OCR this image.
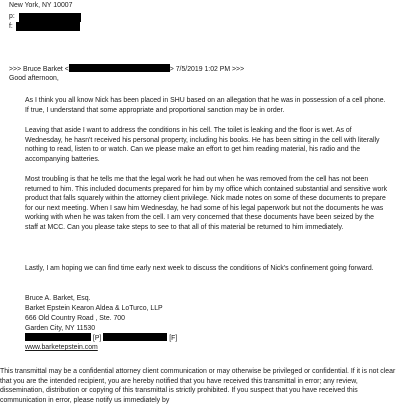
New York, NY 10007
p:
f:
>>> Bruce Barket <	> 7/5/2019 1:02 PM >>>
Good afternoon,

As I think you all know Nick has been placed in SHU based on an allegation that he was in possession of a cell phone. If true, I understand that some appropriate and proportional sanction may be in order.

Leaving that aside I want to address the conditions in his cell. The toilet is leaking and the floor is wet. As of Wednesday, he hasn't received his personal property, including his books. He has been sitting in the cell with literally nothing to read, listen to or watch. Can we please make an effort to get him reading material, his radio and the accompanying batteries.

Most troubling is that he tells me that the legal work he had out when he was removed from the cell has not been returned to him. This included documents prepared for him by my office which contained substantial and sensitive work product that falls squarely within the attorney client privilege. Nick made notes on some of these documents to prepare for our next meeting. When I saw him Wednesday, he had some of his legal paperwork but not the documents he was working with when he was taken from the cell. I am very concerned that these documents have been seized by the staff at MCC. Can you please take steps to see to that all of this material be returned to him immediately.

Lastly, I am hoping we can find time early next week to discuss the conditions of Nick's confinement going forward.

Bruce A. Barket, Esq.
Barket Epstein Kearon Aldea & LoTurco, LLP
666 Old Country Road , Ste. 700
Garden City, NY 11530
[P]	[F]
www.barketepstein.com

This transmittal may be a confidential attorney client communication or may otherwise be privileged or confidential. If it is not clear that you are the intended recipient, you are hereby notified that you have received this transmittal in error; any review, dissemination, distribution or copying of this transmittal is strictly prohibited. If you suspect that you have received this communication in error, please notify us immediately by
